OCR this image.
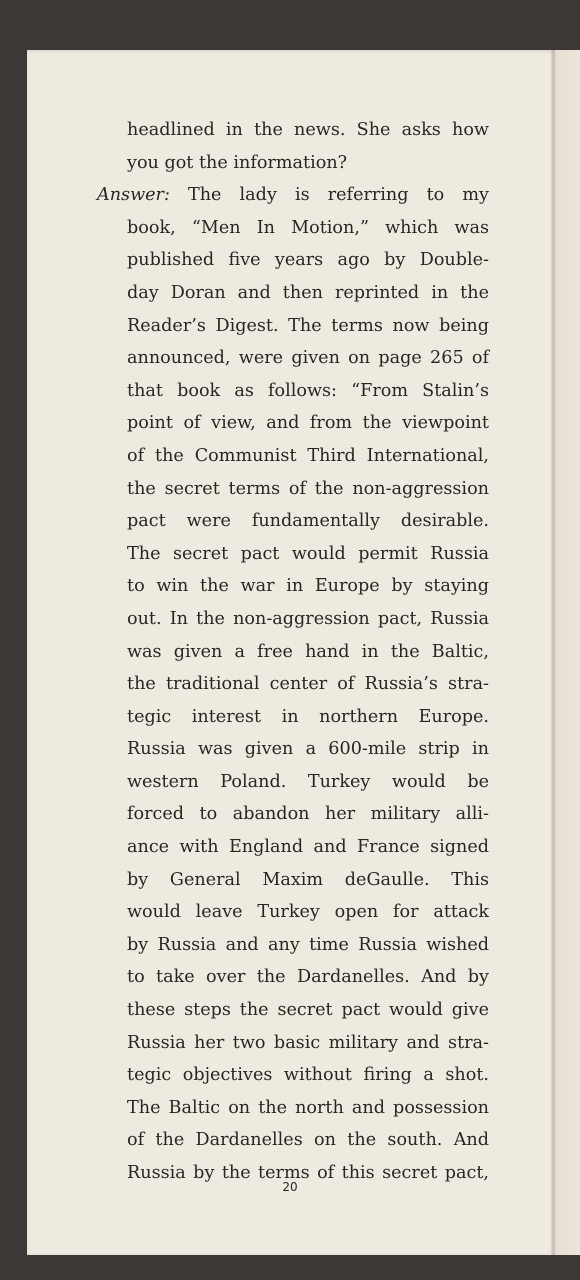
headlined in the news. She asks how
you got the information?
Answer: The lady is referring to my
book, “Men In Motion,” which was
published five years ago by Double-
day Doran and then reprinted in the
Reader’s Digest. The terms now being
announced, were given on page 265 of
that book as follows: “From Stalin’s
point of view, and from the viewpoint
of the Communist Third International,
the secret terms of the non-aggression
pact were fundamentally desirable.
The secret pact would permit Russia
to win the war in Europe by staying
out. In the non-aggression pact, Russia
was given a free hand in the Baltic,
the traditional center of Russia’s stra-
tegic interest in northern Europe.
Russia was given a 600-mile strip in
western Poland. Turkey would be
forced to abandon her military alli-
ance with England and France signed
by General Maxim deGaulle. This
would leave Turkey open for attack
by Russia and any time Russia wished
to take over the Dardanelles. And by
these steps the secret pact would give
Russia her two basic military and stra-
tegic objectives without firing a shot.
The Baltic on the north and possession
of the Dardanelles on the south. And
Russia by the terms of this secret pact,
20
